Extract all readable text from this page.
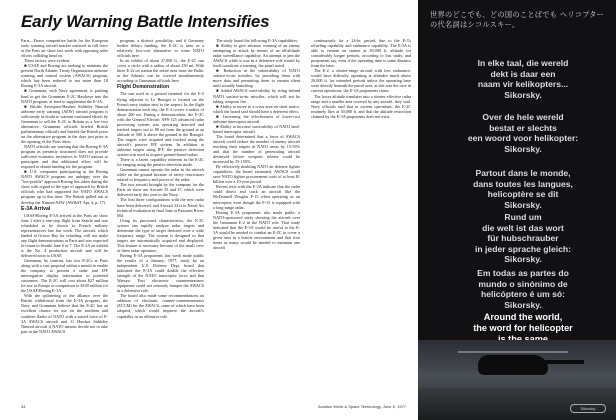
Early Warning Battle Intensifies

Paris—Fierce competitive battle for the European early warning aircraft market surfaced in full force at the Paris air show last week with opposing sales efforts colliding head on.

These factors were evident:

■ USAF and Boeing are seeking to maintain the present North Atlantic Treaty Organization airborne warning and control system (AWACS) program, which has been reduced to not more than 18 Boeing E-3A aircraft.

■ Grumman, with Navy agreement, is pushing hard to get the Grumman E-2C Hawkeye into the NATO program, at least to supplement the E-3A.

■ British Aerospace/Hawker Siddeley Nimrod airborne early warning (AEW) aircraft program is sufficiently in doubt to warrant continued efforts by Grumman to sell the E-2C to Britain as a low-cost alternative. Grumman officials briefed British parliamentary officials and briefed the British press on the alternative program in the days just prior to the opening of the Paris show.

NATO officials are warning that the Boeing E-3A program as presently structured does not provide sufficient economic incentives to NATO nations to participate and that additional effort will be required to obtain funding for the program.

■ U.S. companies participating in the Boeing NATO AWACS program are unhappy over the "low-profile" approach Boeing has taken during the show with regard to the type of approach by British officials who had supported the NATO AWACS program up to this time. The British pulled out to develop the Nimrod AEW (AW&ST Apr. 4, p. 17).

E-3A Arrival

USAF/Boeing E-3A arrived at the Paris air show June 1 after a one-stop flight from Seattle and was scheduled to be shown to French military representatives late last week. The aircraft, which landed at Grosse Bay for refueling, will not make any flight demonstrations at Paris and was expected to return to Seattle June 6 or 7. The E-3A on exhibit is the No. 4 production aircraft and will be delivered soon to USAF.

Grumman, by contrast, has two E-2Cs at Paris along with a vast proposal within a month to enable the company to present a radar and IFF interrogation display information to potential customers. The E-2C will cost about $27 million for use in Europe in comparison to $100 million for the USAF/Boeing E-3A.

With the splintering of the alliance over the British withdrawal from the E-3A program, the Navy and Grumman believe that the E-2C has an excellent chance for use on the northern and southern flanks of NATO with a mixed force of E-3A AWACS aircraft and 11 Hawker Siddeley Nimrod aircraft if NATO nations decide not to take part in the NATO AWACS

program, a distinct possibility, and if Germany further delays funding, the E-2C is seen as a relatively low-cost alternative to some NATO officials here.

In an exhibit of about 27,000 ft., the E-2C can cover a circle with a radius of about 250 mi. With three E-2s on station the entire area from the Baltic to the Adriatic can be covered simultaneously according to Grumman officials here.

Flight Demonstration

The sun used as a ground terminal for the E-2 flying adjacent to Le Bourget is located on the French navy station next to the airport. In the flight demonstration each day, the E-2 covers a radius of about 200 mi. During a demonstration, the E-2C with the General Electric APS-125 advanced radar processing system was operating detected and tracked targets out to 80 mi from the ground at an altitude of 500 ft above the ground at the Bourget. The targets were acquired and tracked using the aircraft's passive IFF system. In addition to airborne targets using IFF, the passive detection system was used to acquire ground-based radars.

There is a latent capability inherent in the E-2C for ranging using the passive detection mode.

Grumman cannot operate the radar in the aircraft while on the ground because of safety restrictions related to frequency and power of the radar.

The two aircraft brought by the company for the Paris air show are Aircraft 35 and 37, which were delivered early this year to the Navy.

The first three configurations with the new radar have been delivered, and Aircraft 34 is in Naval Air technical evaluation in final June at Patuxent River, Md.

Using its processed characteristics, the E-2C system can rapidly analyze radar targets and determine the type of target detected over a wide frequency range. The system is designed so that targets are automatically acquired and displayed. This feature is necessary because of the small crew of three radar operators.

Boeing E-3A proponents last week made public the results of a January, 1977, study by an independent U.S. Defense Dept. board that indicated the E-3A could double the effective strength of the NATO interceptor force and that Warsaw Pact electronic countermeasures equipment could not seriously hamper the AWACS in a defensive role.

The board also made some recommendations on addition of electronic counter-countermeasures (ECCM) for the AWACS, some of which have been adopted, which would improve the aircraft's capability in an offensive role.

The study found the following E-3A capabilities:

■ Ability to give advance warning of an enemy attempting to attack by means of an all-altitude radar surveillance capability. An attempt to jam the AWACS while it was in a defensive role would by itself constitute a warning, the panel noted.

■ Reduction in the vulnerability of NATO surface-to-air missiles, by providing them with more data and permitting them to remain silent until actually launching.

■ Added AWACS survivability by siting behind NATO surface-to-air missiles, which will not be taking weapons fire.

■ Ability to move to a crisis area on short notice, which the board said should have a deterrent effect.

■ Increasing the effectiveness of lower-cost airborne interceptor aircraft.

■ Ability to increase survivability of NATO land-based interceptor aircraft.

The board determined that a force of AWACS aircraft could reduce the number of enemy aircraft reaching their targets in NATO areas by 15-55% and that the number of penetrating aircraft destroyed before weapons release could be increased by 35-150%.

By effectively doubling NATO air defense fighter capabilities, the board estimated, AWACS could save NATO fighter procurement costs of at least $1 billion over a 10-year period.

Recent tests with the E-3A indicate that the radar could detect and track an aircraft like the McDonnell Douglas F-15 when operating as an interceptor, even though the F-15 is equipped with a long-range radar.

Boeing E-3A proponents also made public a NATO-sponsored study showing the aircraft over the Grumman E-2 in the NATO role. That study indicated that the E-3A would be useful in the E-3A would be needed to combat an E-2C to cover a given area in a hostile environment and that four times as many would be needed to maintain one aircraft

34

continuously for a 24-hr. period, due to the E-3's refueling capability and endurance capability. The E-3A is able to remain on station at 30,000 ft. altitude for considerably longer periods, according to this study, and proponents say, even if the operating time is some distance from the base.

The E-2, a shorter-range aircraft with less endurance, would have difficulty operating at altitudes much above 20,000 ft. for extended periods unless the operating base were directly beneath the patrol area, at this was the case in current operations, the E-3A proponents claim.

The lower altitude translates into a shorter effective radar range and a smaller area covered by any aircraft, they said. Navy officials said that in current operations, the E-2C routinely flies at 30,000 ft. and that the altitude restriction claimed by the E-3A proponents does not exist.

Aviation Week & Space Technology, June 6, 1977
世界のどこでも、どの国のことばでも ヘリコプターの代名詞はシコルスキー。
In elke taal, die wereld
dekt is daar een
naam vir kelikopters...
Sikorsky.
Over de hele wereld
bestat er slechts
een woord voor helikopter:
Sikorsky.
Partout dans le monde,
dans toutes les langues,
helicoptère se dit
Sikorsky.
Rund um
die welt ist das wort
für hubschrauber
in jeder sprache gleich:
Sikorsky.
Em todas as partes do
mundo o sinónimo de
helicóptero é um só:
Sikorsky.
Around the world,
the word for helicopter
Sikorsky
